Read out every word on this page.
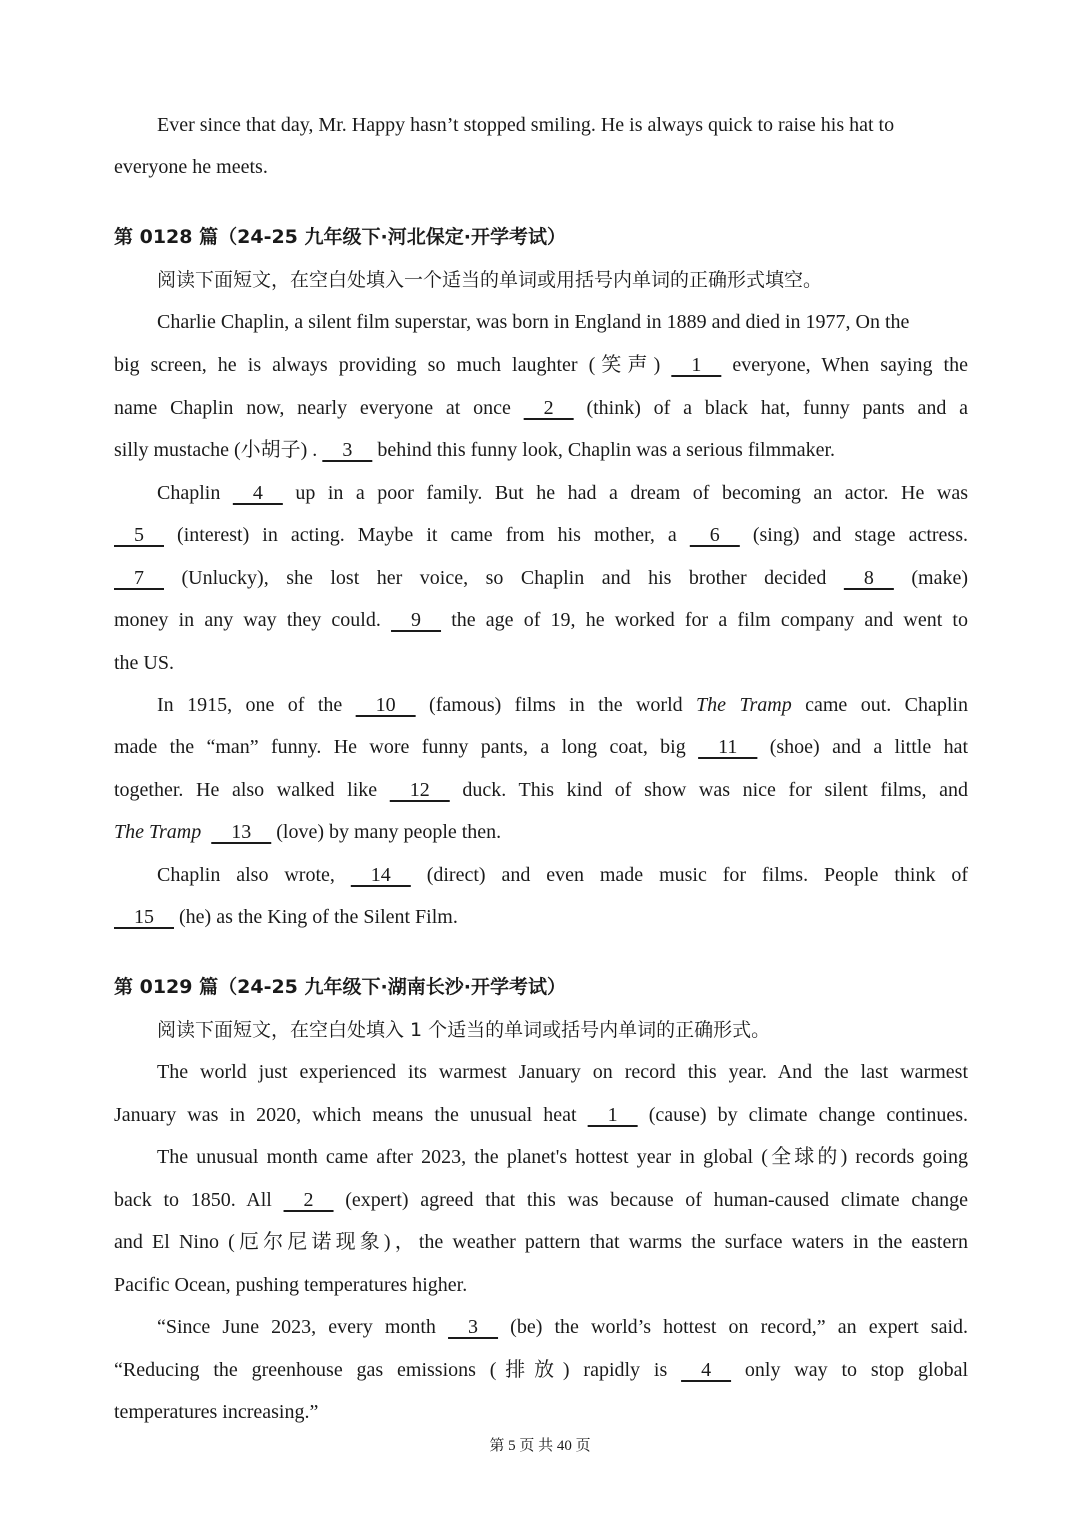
Ever since that day, Mr. Happy hasn’t stopped smiling. He is always quick to raise his hat to
everyone he meets.
第 0128 篇（24-25 九年级下·河北保定·开学考试）
阅读下面短文，在空白处填入一个适当的单词或用括号内单词的正确形式填空。
Charlie Chaplin, a silent film superstar, was born in England in 1889 and died in 1977, On the
big screen, he is always providing so much laughter (笑声)     1     everyone, When saying the
name Chaplin now, nearly everyone at once     2     (think) of a black hat, funny pants and a
silly mustache (小胡子) .     3     behind this funny look, Chaplin was a serious filmmaker.
Chaplin     4     up in a poor family. But he had a dream of becoming an actor. He was
5     (interest) in acting. Maybe it came from his mother, a     6     (sing) and stage actress.
7     (Unlucky), she lost her voice, so Chaplin and his brother decided     8     (make)
money in any way they could.     9     the age of 19, he worked for a film company and went to
the US.
In 1915, one of the     10     (famous) films in the world The Tramp came out. Chaplin
made the “man” funny. He wore funny pants, a long coat, big     11     (shoe) and a little hat
together. He also walked like     12     duck. This kind of show was nice for silent films, and
The Tramp      13     (love) by many people then.
Chaplin also wrote,     14     (direct) and even made music for films. People think of
15     (he) as the King of the Silent Film.
第 0129 篇（24-25 九年级下·湖南长沙·开学考试）
阅读下面短文，在空白处填入 1 个适当的单词或括号内单词的正确形式。
The world just experienced its warmest January on record this year. And the last warmest
January was in 2020, which means the unusual heat     1     (cause) by climate change continues.
The unusual month came after 2023, the planet's hottest year in global (全球的) records going
back to 1850. All     2     (expert) agreed that this was because of human-caused climate change
and El Nino (厄尔尼诺现象)，the weather pattern that warms the surface waters in the eastern
Pacific Ocean, pushing temperatures higher.
“Since June 2023, every month     3     (be) the world’s hottest on record,” an expert said.
“Reducing the greenhouse gas emissions (排放) rapidly is     4     only way to stop global
temperatures increasing.”
第 5 页 共 40 页
